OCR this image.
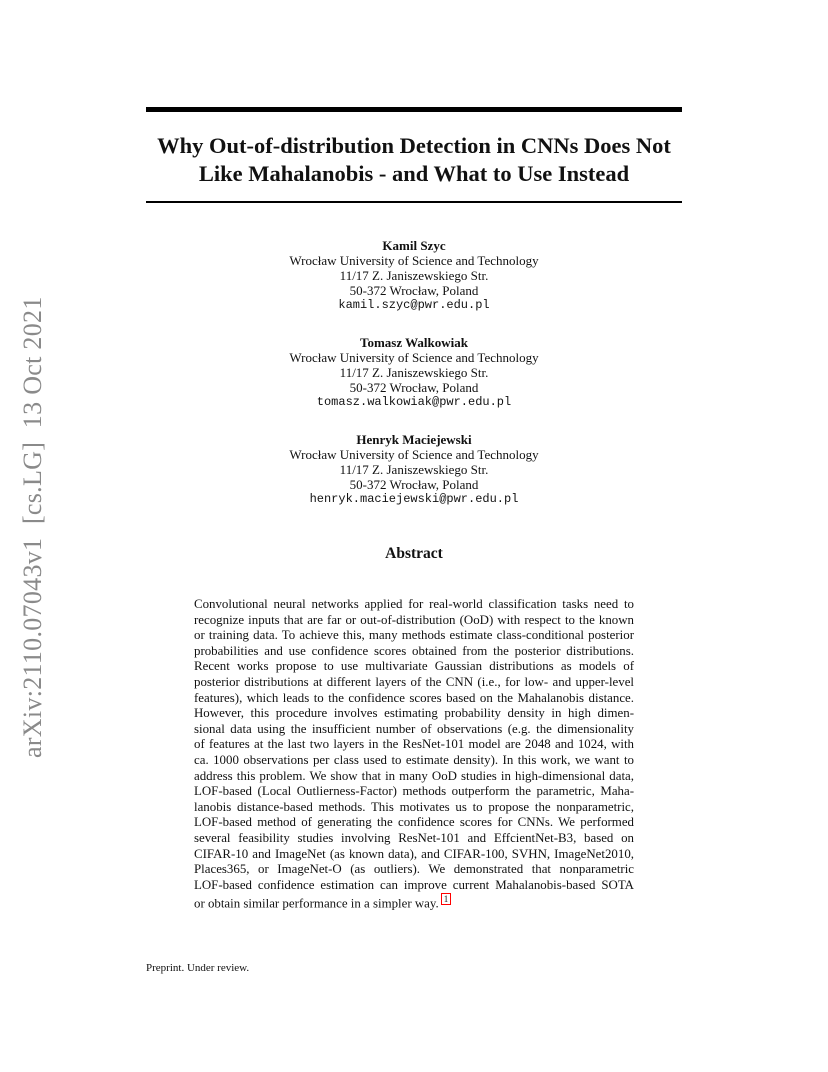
arXiv:2110.07043v1  [cs.LG]  13 Oct 2021
Why Out-of-distribution Detection in CNNs Does Not
Like Mahalanobis - and What to Use Instead
Kamil Szyc
Wrocław University of Science and Technology
11/17 Z. Janiszewskiego Str.
50-372 Wrocław, Poland
kamil.szyc@pwr.edu.pl
Tomasz Walkowiak
Wrocław University of Science and Technology
11/17 Z. Janiszewskiego Str.
50-372 Wrocław, Poland
tomasz.walkowiak@pwr.edu.pl
Henryk Maciejewski
Wrocław University of Science and Technology
11/17 Z. Janiszewskiego Str.
50-372 Wrocław, Poland
henryk.maciejewski@pwr.edu.pl
Abstract
Convolutional neural networks applied for real-world classification tasks need to
recognize inputs that are far or out-of-distribution (OoD) with respect to the known
or training data. To achieve this, many methods estimate class-conditional posterior
probabilities and use confidence scores obtained from the posterior distributions.
Recent works propose to use multivariate Gaussian distributions as models of
posterior distributions at different layers of the CNN (i.e., for low- and upper-level
features), which leads to the confidence scores based on the Mahalanobis distance.
However, this procedure involves estimating probability density in high dimen-
sional data using the insufficient number of observations (e.g. the dimensionality
of features at the last two layers in the ResNet-101 model are 2048 and 1024, with
ca. 1000 observations per class used to estimate density). In this work, we want to
address this problem. We show that in many OoD studies in high-dimensional data,
LOF-based (Local Outlierness-Factor) methods outperform the parametric, Maha-
lanobis distance-based methods. This motivates us to propose the nonparametric,
LOF-based method of generating the confidence scores for CNNs. We performed
several feasibility studies involving ResNet-101 and EffcientNet-B3, based on
CIFAR-10 and ImageNet (as known data), and CIFAR-100, SVHN, ImageNet2010,
Places365, or ImageNet-O (as outliers). We demonstrated that nonparametric
LOF-based confidence estimation can improve current Mahalanobis-based SOTA
or obtain similar performance in a simpler way. 1
Preprint. Under review.
